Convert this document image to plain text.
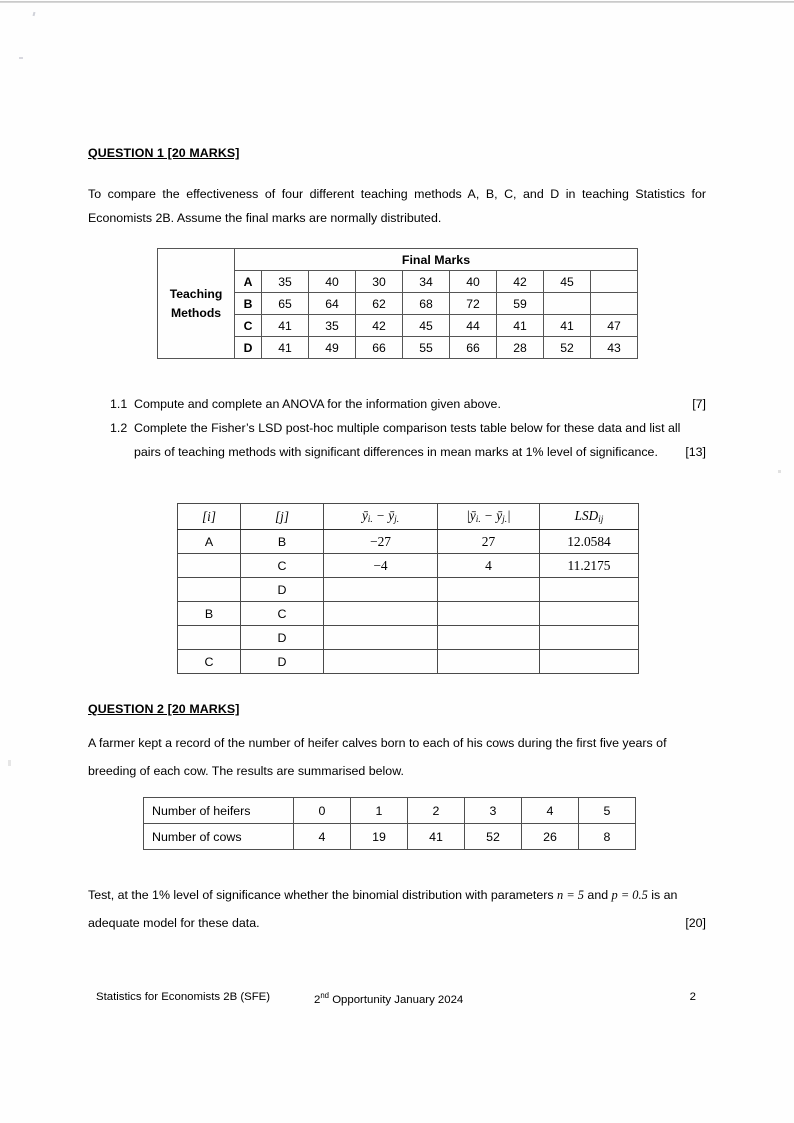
QUESTION 1 [20 MARKS]

To compare the effectiveness of four different teaching methods A, B, C, and D in teaching Statistics for Economists 2B. Assume the final marks are normally distributed.

Teaching Methods	Final Marks								
	A	35	40	30	34	40	42	45	
	B	65	64	62	68	72	59		
	C	41	35	42	45	44	41	41	47
	D	41	49	66	55	66	28	52	43
1.1 Compute and complete an ANOVA for the information given above.	[7]
1.2 Complete the Fisher’s LSD post-hoc multiple comparison tests table below for these data and list all pairs of teaching methods with significant differences in mean marks at 1% level of significance. [13]
[i]	[j]	$ȳ_{i.}$ − $ȳ_{j.}$	$|ȳ_{i.}$ − $ȳ_{j.}|$	$LSD_{ij}$
A	B	−27	27	12.0584
	C	−4	4	11.2175
	D			
B	C			
	D			
C	D			
QUESTION 2 [20 MARKS]

A farmer kept a record of the number of heifer calves born to each of his cows during the first five years of breeding of each cow. The results are summarised below.

Number of heifers	0	1	2	3	4	5
Number of cows	4	19	41	52	26	8

Test, at the 1% level of significance whether the binomial distribution with parameters n = 5 and p = 0.5 is an adequate model for these data.	[20]

Statistics for Economists 2B (SFE)	2nd Opportunity January 2024	2
